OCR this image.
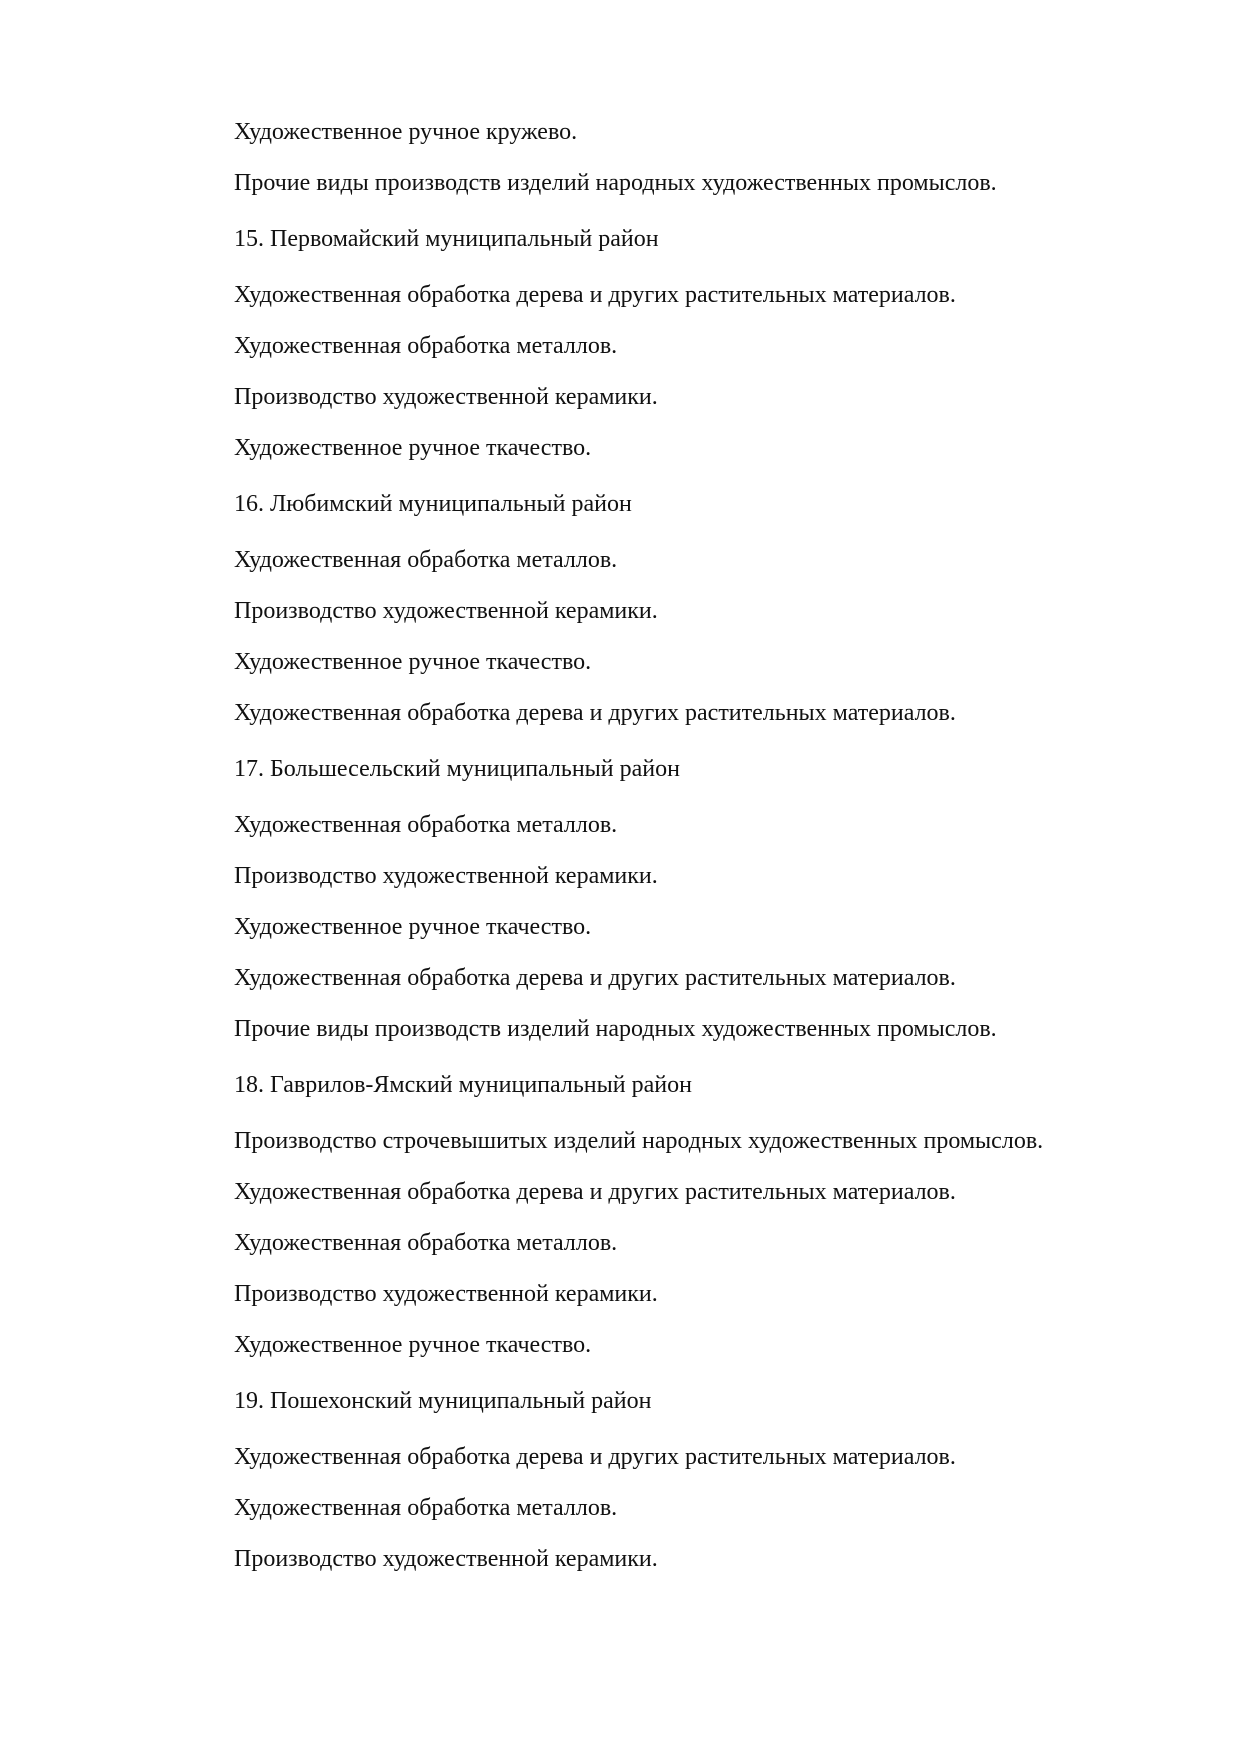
Художественное ручное кружево.
Прочие виды производств изделий народных художественных промыслов.
15. Первомайский муниципальный район
Художественная обработка дерева и других растительных материалов.
Художественная обработка металлов.
Производство художественной керамики.
Художественное ручное ткачество.
16. Любимский муниципальный район
Художественная обработка металлов.
Производство художественной керамики.
Художественное ручное ткачество.
Художественная обработка дерева и других растительных материалов.
17. Большесельский муниципальный район
Художественная обработка металлов.
Производство художественной керамики.
Художественное ручное ткачество.
Художественная обработка дерева и других растительных материалов.
Прочие виды производств изделий народных художественных промыслов.
18. Гаврилов-Ямский муниципальный район
Производство строчевышитых изделий народных художественных промыслов.
Художественная обработка дерева и других растительных материалов.
Художественная обработка металлов.
Производство художественной керамики.
Художественное ручное ткачество.
19. Пошехонский муниципальный район
Художественная обработка дерева и других растительных материалов.
Художественная обработка металлов.
Производство художественной керамики.
